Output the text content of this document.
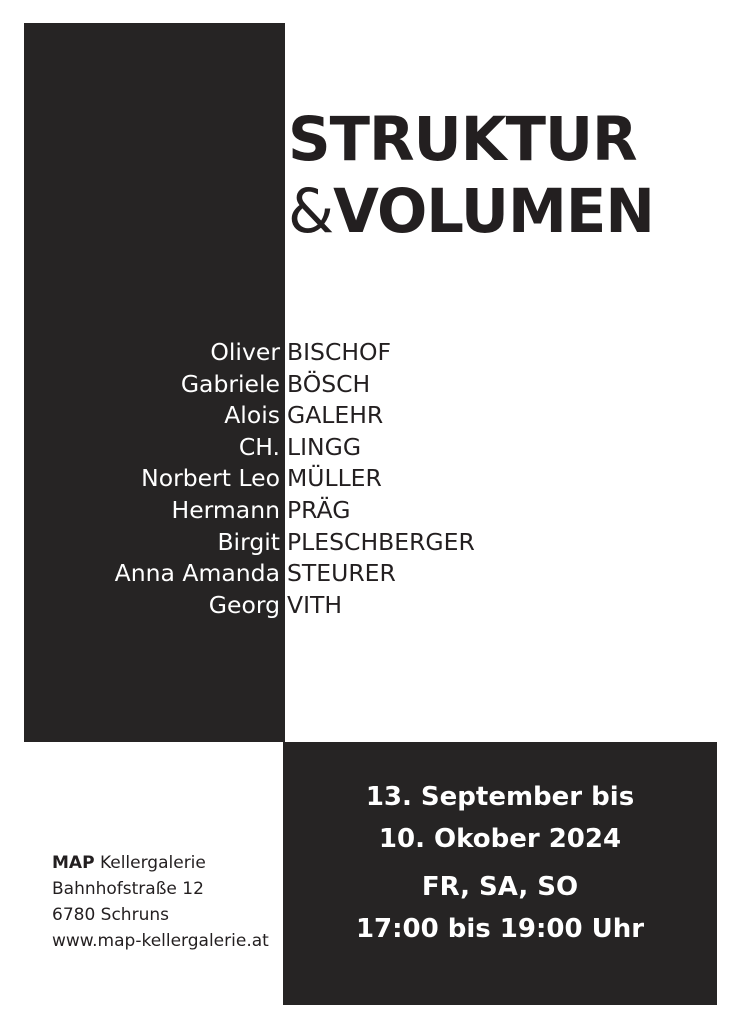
STRUKTUR
&VOLUMEN
Oliver BISCHOF
Gabriele BÖSCH
Alois GALEHR
CH. LINGG
Norbert Leo MÜLLER
Hermann PRÄG
Birgit PLESCHBERGER
Anna Amanda STEURER
Georg VITH
13. September bis
10. Okober 2024
FR, SA, SO
17:00 bis 19:00 Uhr
MAP Kellergalerie
Bahnhofstraße 12
6780 Schruns
www.map-kellergalerie.at
